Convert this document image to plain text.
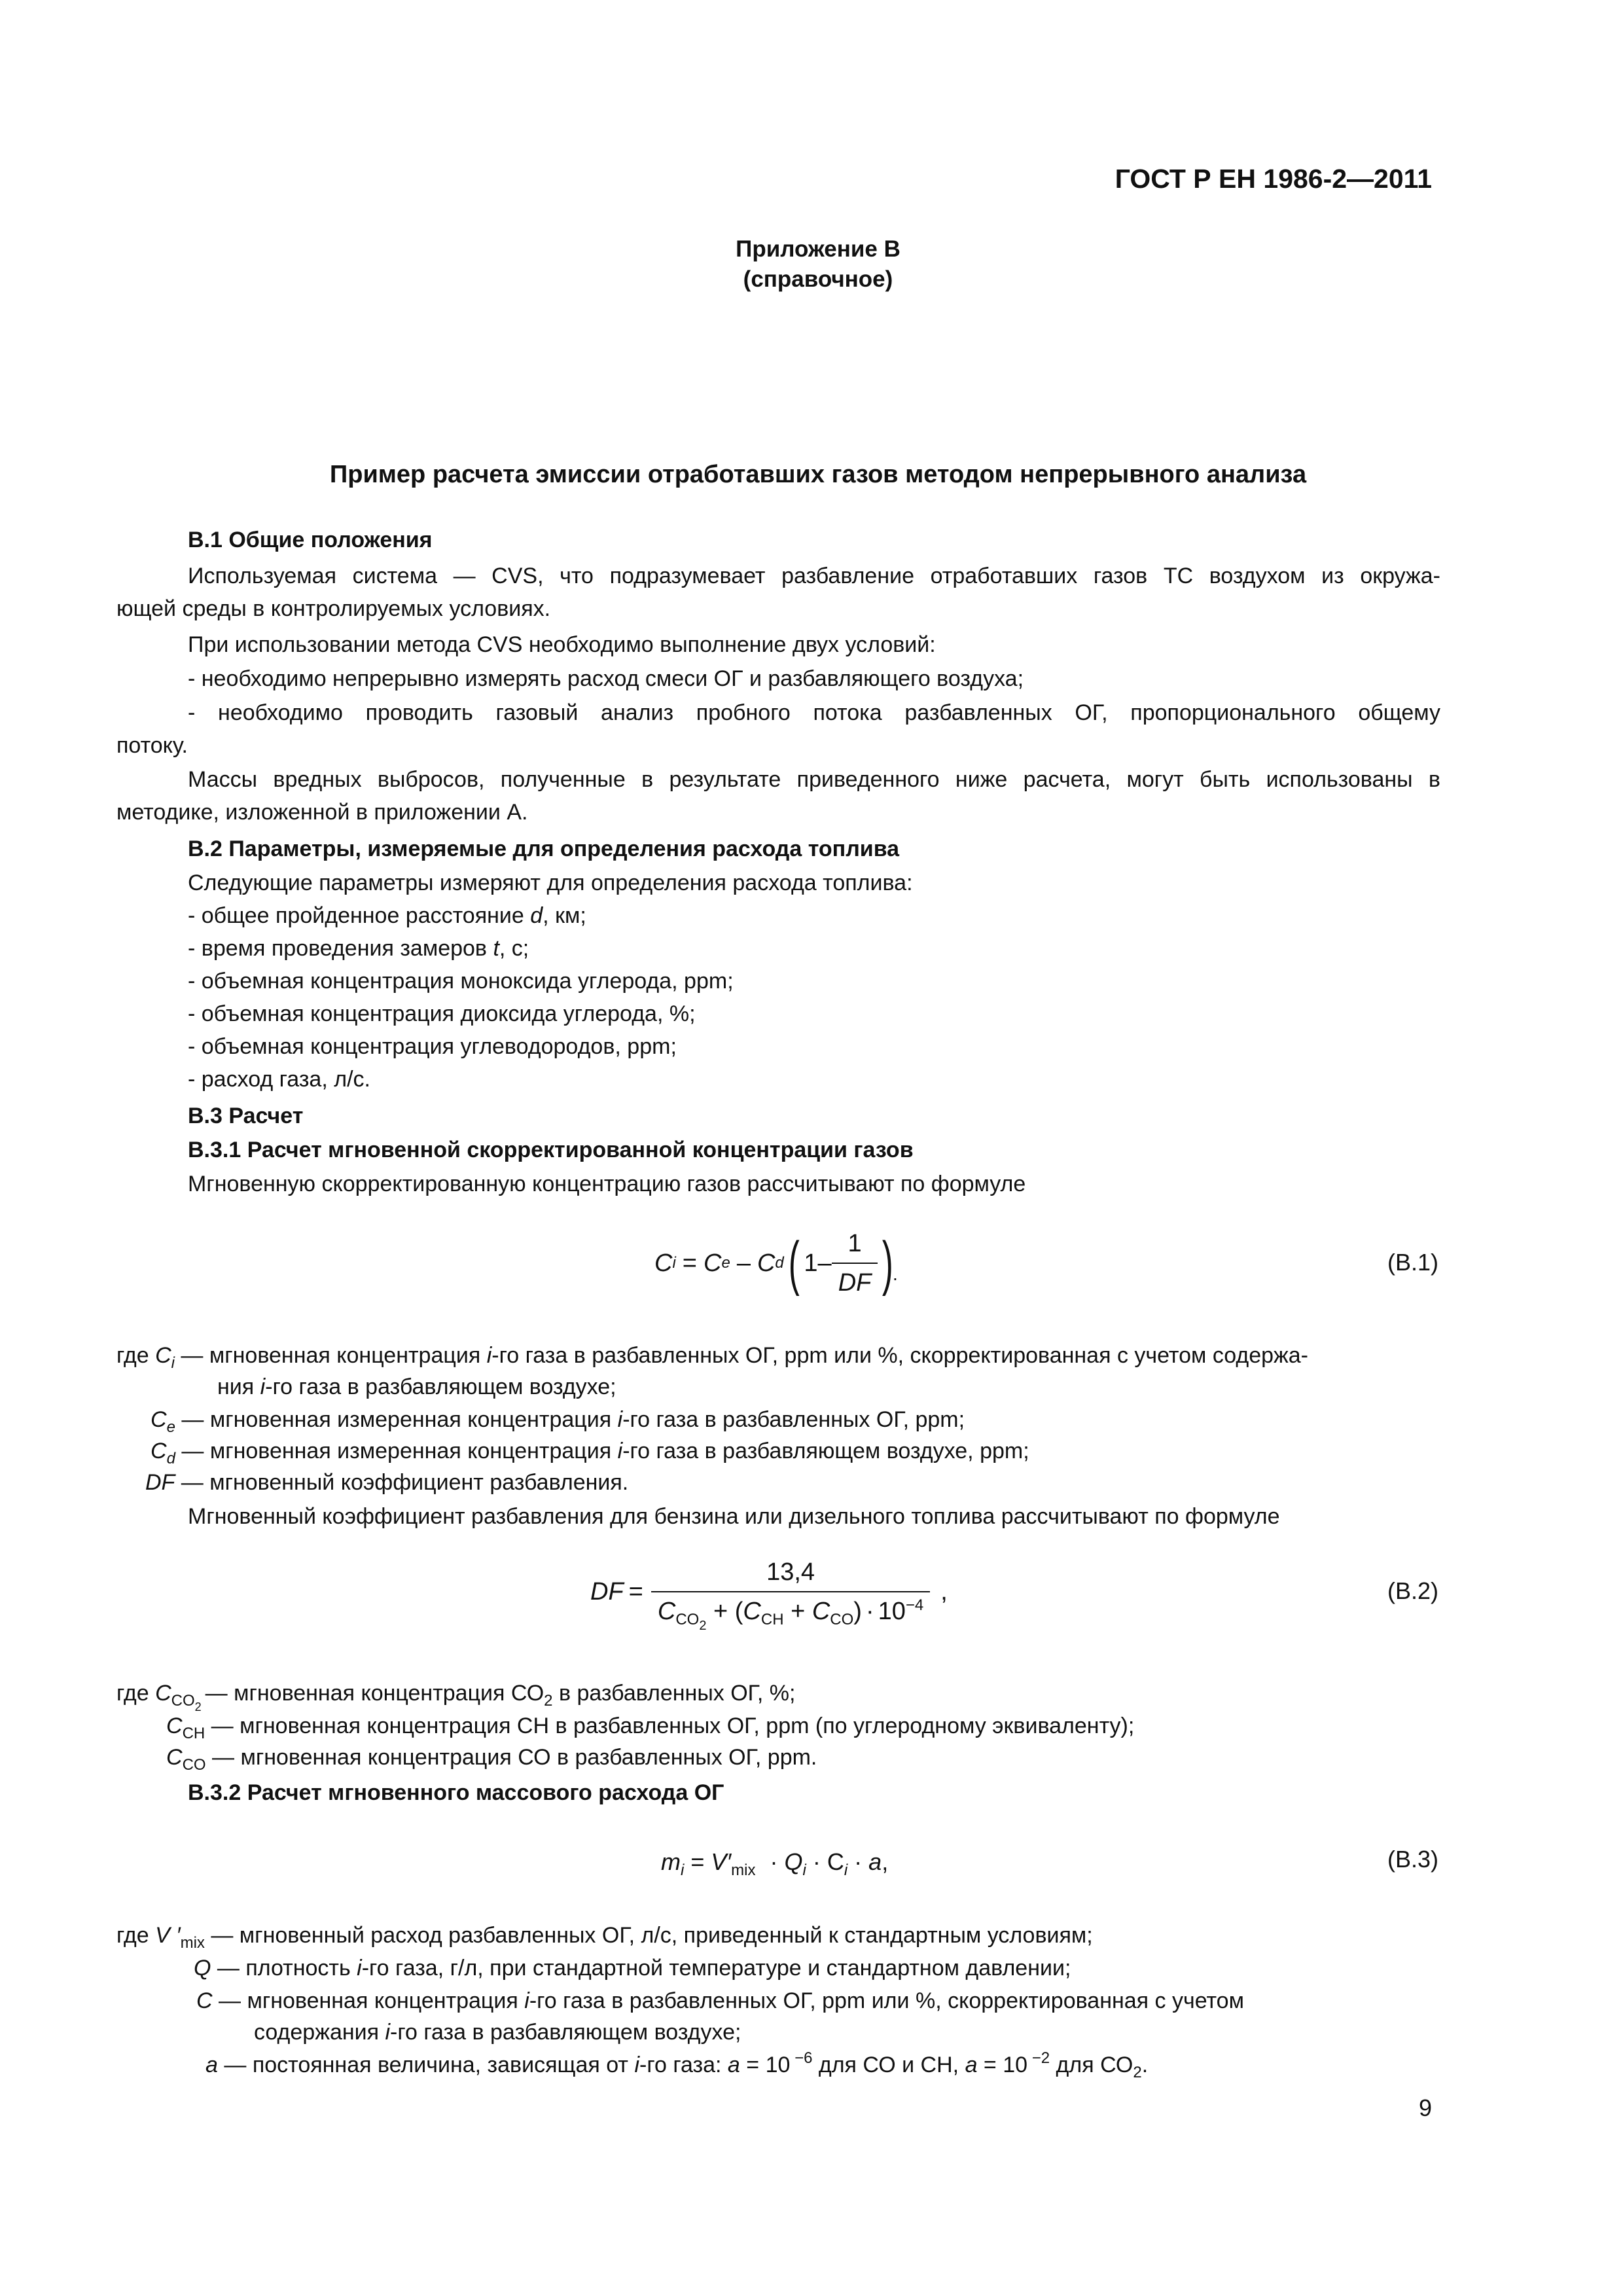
ГОСТ Р ЕН 1986-2—2011
Приложение В
(справочное)
Пример расчета эмиссии отработавших газов методом непрерывного анализа
В.1 Общие положения
Используемая система — CVS, что подразумевает разбавление отработавших газов ТС воздухом из окружа-
ющей среды в контролируемых условиях.
При использовании метода CVS необходимо выполнение двух условий:
- необходимо непрерывно измерять расход смеси ОГ и разбавляющего воздуха;
- необходимо проводить газовый анализ пробного потока разбавленных ОГ, пропорционального общему
потоку.
Массы вредных выбросов, полученные в результате приведенного ниже расчета, могут быть использованы в
методике, изложенной в приложении А.
В.2 Параметры, измеряемые для определения расхода топлива
Следующие параметры измеряют для определения расхода топлива:
- общее пройденное расстояние d, км;
- время проведения замеров t, с;
- объемная концентрация моноксида углерода, ppm;
- объемная концентрация диоксида углерода, %;
- объемная концентрация углеводородов, ppm;
- расход газа, л/с.
В.3 Расчет
В.3.1 Расчет мгновенной скорректированной концентрации газов
Мгновенную скорректированную концентрацию газов рассчитывают по формуле
C i = C e – C d ( $1- \frac{1}{DF}$ )
.	(В.1)
где $C_i$ — мгновенная концентрация i-го газа в разбавленных ОГ, ppm или %, скорректированная с учетом содержа-
ния i-го газа в разбавляющем воздухе;
$C_e$ — мгновенная измеренная концентрация i-го газа в разбавленных ОГ, ppm;
$C_d$ — мгновенная измеренная концентрация i-го газа в разбавляющем воздухе, ppm;
DF — мгновенный коэффициент разбавления.
Мгновенный коэффициент разбавления для бензина или дизельного топлива рассчитывают по формуле
DF = $\frac{13,4}{C_{CO_2} + (C_{CH} + C_{CO}) \cdot 10^{-4}}$ ,	(В.2)
где $C_{CO_2}—$ мгновенная концентрация $СО_2$ в разбавленных ОГ, %;
$C_{CH}$ — мгновенная концентрация СН в разбавленных ОГ, ppm (по углеродному эквиваленту);
$C_{CO}$ — мгновенная концентрация СО в разбавленных ОГ, ppm.
В.3.2 Расчет мгновенного массового расхода ОГ
$m_i = V'_{mix} \cdot Q_i \cdot C_i \cdot a$,	(В.3)
где V $'_{mix}$ — мгновенный расход разбавленных ОГ, л/с, приведенный к стандартным условиям;
Q — плотность i-го газа, г/л, при стандартной температуре и стандартном давлении;
C — мгновенная концентрация i-го газа в разбавленных ОГ, ppm или %, скорректированная с учетом
содержания i-го газа в разбавляющем воздухе;
a — постоянная величина, зависящая от i-го газа: a = 10 $^{-6}$ для СО и СН, a = 10 $^{-2}$ для $СО_2$.
9
